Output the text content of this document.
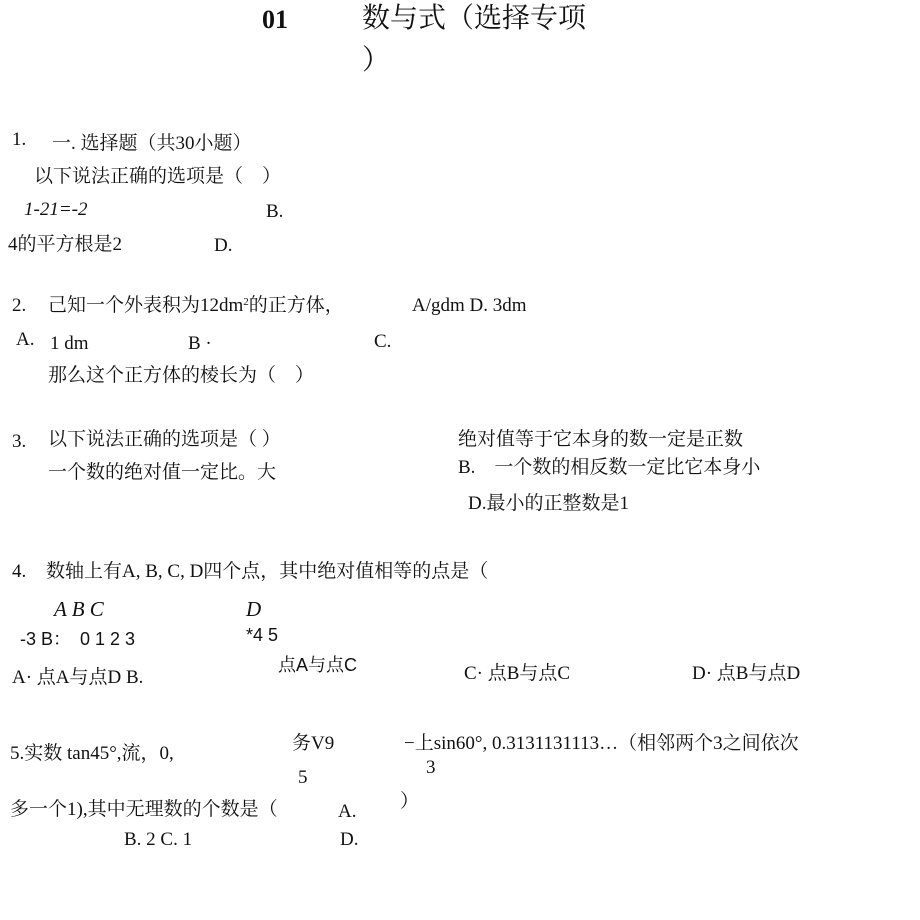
01	数与式（选择专项
）
1. 一. 选择题（共30小题）
以下说法正确的选项是（　）
1-21=-2	B.
4的平方根是2	D.
2. 己知一个外表积为$12dm^2$的正方体，	A/gdm D. 3dm
A. 1 dm	B ·	C.
那么这个正方体的棱长为（　）
3. 以下说法正确的选项是（ ）	绝对值等于它本身的数一定是正数
一个数的绝对值一定比。大	B.　一个数的相反数一定比它本身小
D.最小的正整数是1
4. 数轴上有A, B, C, D四个点，其中绝对值相等的点是（
A B C	D
-3 B：　0 1 2 3	*4 5
A· 点A与点D B.
点A与点C	C· 点B与点C	D· 点B与点D
5.实数 tan45°,流，0,	务V9
5
−上sin60°, 0.3131131113…（相邻两个3之间依次
3
）
多一个1),其中无理数的个数是（	A.
B. 2 C. 1	D.
